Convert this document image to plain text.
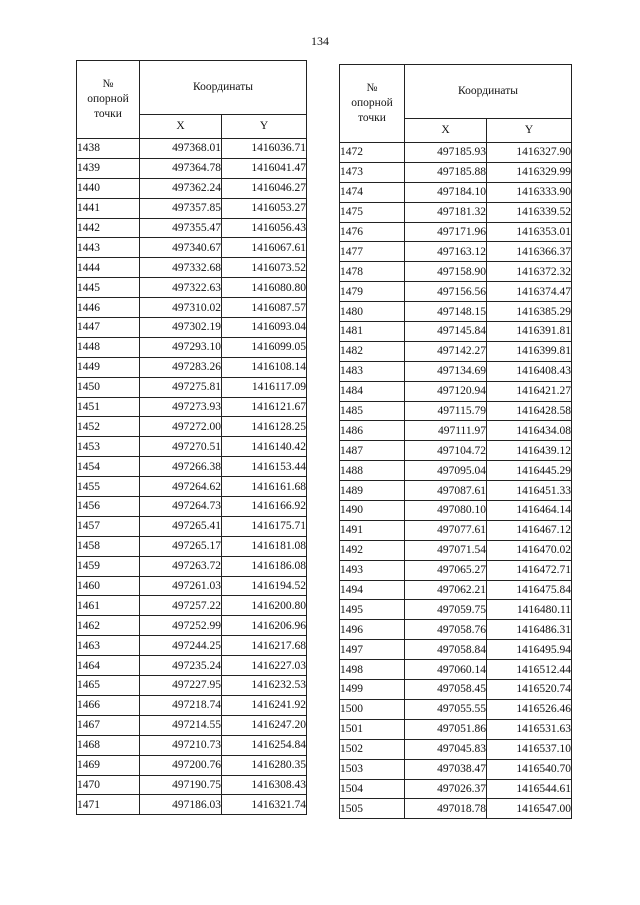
134
№
опорной
точки	Координаты	
	X	Y
1438	497368.01	1416036.71
1439	497364.78	1416041.47
1440	497362.24	1416046.27
1441	497357.85	1416053.27
1442	497355.47	1416056.43
1443	497340.67	1416067.61
1444	497332.68	1416073.52
1445	497322.63	1416080.80
1446	497310.02	1416087.57
1447	497302.19	1416093.04
1448	497293.10	1416099.05
1449	497283.26	1416108.14
1450	497275.81	1416117.09
1451	497273.93	1416121.67
1452	497272.00	1416128.25
1453	497270.51	1416140.42
1454	497266.38	1416153.44
1455	497264.62	1416161.68
1456	497264.73	1416166.92
1457	497265.41	1416175.71
1458	497265.17	1416181.08
1459	497263.72	1416186.08
1460	497261.03	1416194.52
1461	497257.22	1416200.80
1462	497252.99	1416206.96
1463	497244.25	1416217.68
1464	497235.24	1416227.03
1465	497227.95	1416232.53
1466	497218.74	1416241.92
1467	497214.55	1416247.20
1468	497210.73	1416254.84
1469	497200.76	1416280.35
1470	497190.75	1416308.43
1471	497186.03	1416321.74
№
опорной
точки	Координаты	
	X	Y
1472	497185.93	1416327.90
1473	497185.88	1416329.99
1474	497184.10	1416333.90
1475	497181.32	1416339.52
1476	497171.96	1416353.01
1477	497163.12	1416366.37
1478	497158.90	1416372.32
1479	497156.56	1416374.47
1480	497148.15	1416385.29
1481	497145.84	1416391.81
1482	497142.27	1416399.81
1483	497134.69	1416408.43
1484	497120.94	1416421.27
1485	497115.79	1416428.58
1486	497111.97	1416434.08
1487	497104.72	1416439.12
1488	497095.04	1416445.29
1489	497087.61	1416451.33
1490	497080.10	1416464.14
1491	497077.61	1416467.12
1492	497071.54	1416470.02
1493	497065.27	1416472.71
1494	497062.21	1416475.84
1495	497059.75	1416480.11
1496	497058.76	1416486.31
1497	497058.84	1416495.94
1498	497060.14	1416512.44
1499	497058.45	1416520.74
1500	497055.55	1416526.46
1501	497051.86	1416531.63
1502	497045.83	1416537.10
1503	497038.47	1416540.70
1504	497026.37	1416544.61
1505	497018.78	1416547.00
